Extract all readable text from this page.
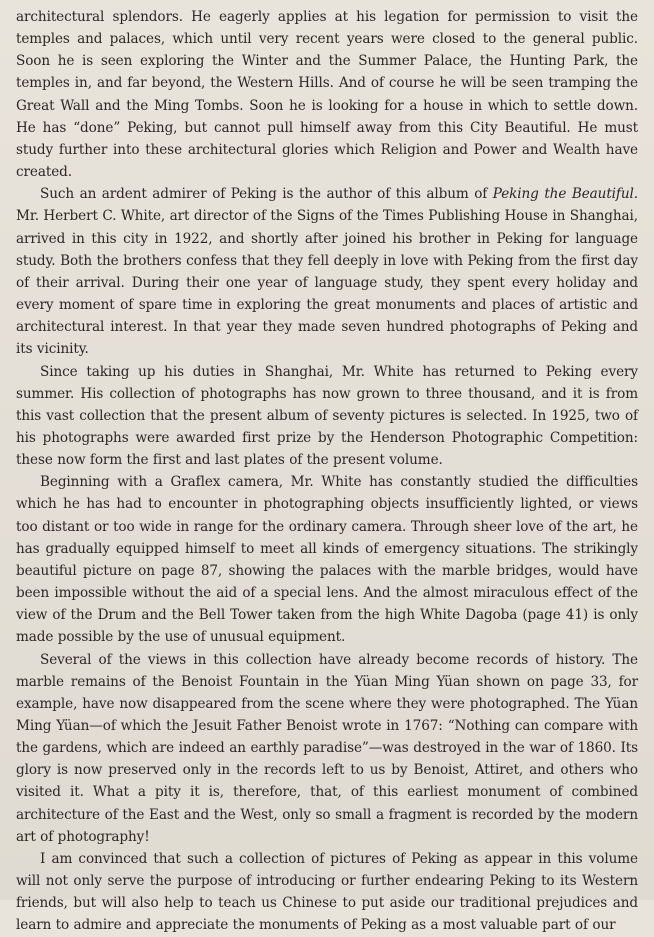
architectural splendors. He eagerly applies at his legation for permission to visit the temples and palaces, which until very recent years were closed to the general public. Soon he is seen exploring the Winter and the Summer Palace, the Hunting Park, the temples in, and far beyond, the Western Hills. And of course he will be seen tramping the Great Wall and the Ming Tombs. Soon he is looking for a house in which to settle down. He has “done” Peking, but cannot pull himself away from this City Beautiful. He must study further into these architectural glories which Religion and Power and Wealth have created.

Such an ardent admirer of Peking is the author of this album of Peking the Beautiful. Mr. Herbert C. White, art director of the Signs of the Times Publishing House in Shanghai, arrived in this city in 1922, and shortly after joined his brother in Peking for language study. Both the brothers confess that they fell deeply in love with Peking from the first day of their arrival. During their one year of language study, they spent every holiday and every moment of spare time in exploring the great monuments and places of artistic and architectural interest. In that year they made seven hundred photographs of Peking and its vicinity.

Since taking up his duties in Shanghai, Mr. White has returned to Peking every summer. His collection of photographs has now grown to three thousand, and it is from this vast collection that the present album of seventy pictures is selected. In 1925, two of his photographs were awarded first prize by the Henderson Photographic Competition: these now form the first and last plates of the present volume.

Beginning with a Graflex camera, Mr. White has constantly studied the difficulties which he has had to encounter in photographing objects insufficiently lighted, or views too distant or too wide in range for the ordinary camera. Through sheer love of the art, he has gradually equipped himself to meet all kinds of emergency situations. The strikingly beautiful picture on page 87, showing the palaces with the marble bridges, would have been impossible without the aid of a special lens. And the almost miraculous effect of the view of the Drum and the Bell Tower taken from the high White Dagoba (page 41) is only made possible by the use of unusual equipment.

Several of the views in this collection have already become records of history. The marble remains of the Benoist Fountain in the Yüan Ming Yüan shown on page 33, for example, have now disappeared from the scene where they were photographed. The Yüan Ming Yüan—of which the Jesuit Father Benoist wrote in 1767: “Nothing can compare with the gardens, which are indeed an earthly paradise”—was destroyed in the war of 1860. Its glory is now preserved only in the records left to us by Benoist, Attiret, and others who visited it. What a pity it is, therefore, that, of this earliest monument of combined architecture of the East and the West, only so small a fragment is recorded by the modern art of photography!

I am convinced that such a collection of pictures of Peking as appear in this volume will not only serve the purpose of introducing or further endearing Peking to its Western friends, but will also help to teach us Chinese to put aside our traditional prejudices and learn to admire and appreciate the monuments of Peking as a most valuable part of our
